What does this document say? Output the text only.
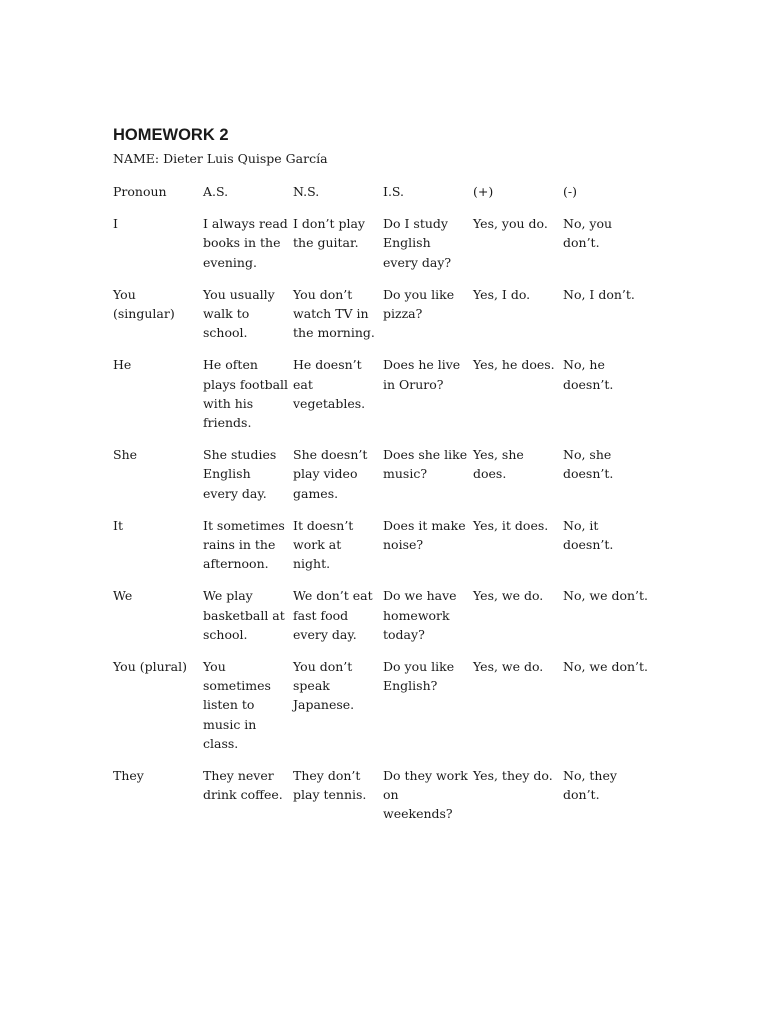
HOMEWORK 2
NAME: Dieter Luis Quispe García
Pronoun	A.S.	N.S.	I.S.	(+)	(-)
I	I always read books in the evening.	I don’t play the guitar.	Do I study English every day?	Yes, you do.	No, you don’t.
You (singular)	You usually walk to school.	You don’t watch TV in the morning.	Do you like pizza?	Yes, I do.	No, I don’t.
He	He often plays football with his friends.	He doesn’t eat vegetables.	Does he live in Oruro?	Yes, he does.	No, he doesn’t.
She	She studies English every day.	She doesn’t play video games.	Does she like music?	Yes, she does.	No, she doesn’t.
It	It sometimes rains in the afternoon.	It doesn’t work at night.	Does it make noise?	Yes, it does.	No, it doesn’t.
We	We play basketball at school.	We don’t eat fast food every day.	Do we have homework today?	Yes, we do.	No, we don’t.
You (plural)	You sometimes listen to music in class.	You don’t speak Japanese.	Do you like English?	Yes, we do.	No, we don’t.
They	They never drink coffee.	They don’t play tennis.	Do they work on weekends?	Yes, they do.	No, they don’t.
